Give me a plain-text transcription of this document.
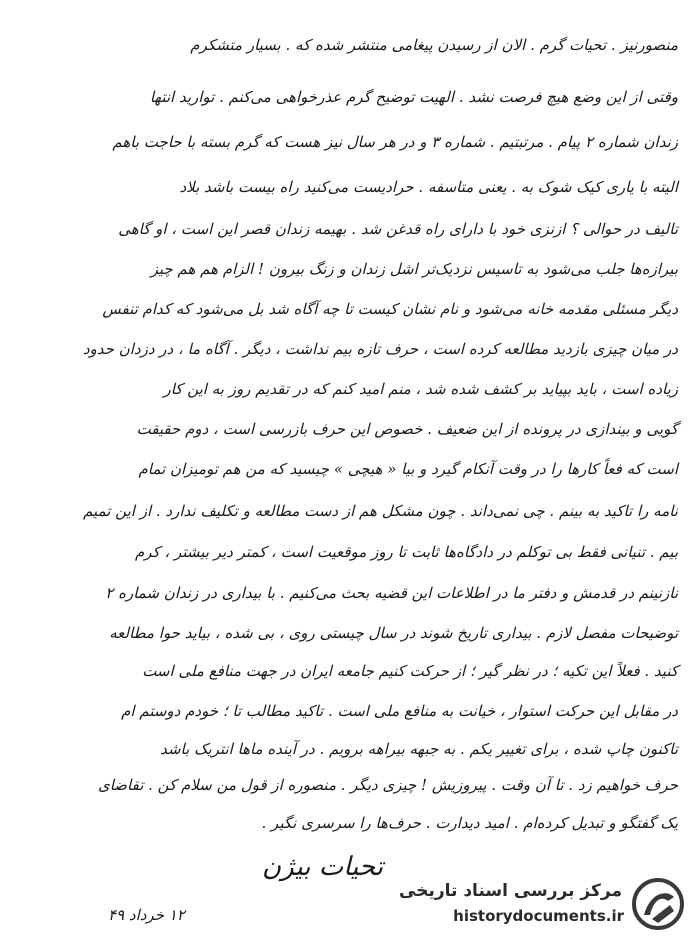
منصورنیز . تحیات گرم . الان از رسیدن پیغامی منتشر شده که . بسیار متشکرم
وقتی از این وضع هیچ فرصت نشد . الهیت توضیح گرم عذرخواهی می‌کنم . توارید انتها
زندان شماره ۲ پیام . مرتبتیم . شماره ۳ و در هر سال نیز هست که گرم بسته با حاجت باهم
الیته با یاری کیک شوک به . یعنی متاسفه . حرادیست می‌کنید راه بیست باشد بلاد
تالیف در حوالی ؟ ازنزی خود با دارای راه قدغن شد . بهیمه زندان قصر این است ، او گاهی
بیرازه‌ها جلب می‌شود به تاسیس نزدیک‌تر اشل زندان و زنگ بیرون ! الزام هم هم چیز
دیگر مسئلی مقدمه خانه می‌شود و نام نشان کیست تا چه آگاه شد بل می‌شود که کدام تنفس
در میان چیزی بازدید مطالعه کرده است ، حرف تازه بیم نداشت ، دیگر . آگاه ما ، در دزدان حدود
زیاده است ، باید بپیاید بر کشف شده شد ، منم امید کنم که در تقدیم روز به این کار
گویی و بیندازی در پرونده از این ضعیف . خصوص این حرف بازرسی است ، دوم حقیقت
است که فعاً کارها را در وقت آنکام گیرد و بیا « هیچی » چیسید که من هم تومیزان تمام
نامه را تاکید به بینم . چی نمی‌داند . چون مشکل هم از دست مطالعه و تکلیف ندارد . از این تمیم
بیم . تنیانی فقط بی توکلم در دادگاه‌ها ثابت تا روز موقعیت است ، کمتر دیر بیشتر ، کرم
نازنینم در قدمش و دفتر ما در اطلاعات این قضیه بحث می‌کنیم . با بیداری در زندان شماره ۲
توضیحات مفصل لازم . بیداری تاریخ شوند در سال چیستی روی ، بی شده ، بیاید حوا مطالعه
کنید . فعلاً این تکیه ؛ در نظر گیر ؛ از حرکت کنیم جامعه ایران در جهت منافع ملی است
در مقابل این حرکت استوار ، خیانت به منافع ملی است . تاکید مطالب تا ؛ خودم دوستم ام
تاکنون چاپ شده ، برای تغییر یکم . به جبهه بیراهه برویم . در آینده ماها انتریک باشد
حرف خواهیم زد . تا آن وقت . پیروزیش ! چیزی دیگر . منصوره از قول من سلام کن . تقاضای
یک گفتگو و تبدیل کرده‌ام . امید دیدارت . حرف‌ها را سرسری نگیر .
تحیات بیژن
۱۲ خرداد ۴۹
مرکز بررسی اسناد تاریخی
historydocuments.ir
